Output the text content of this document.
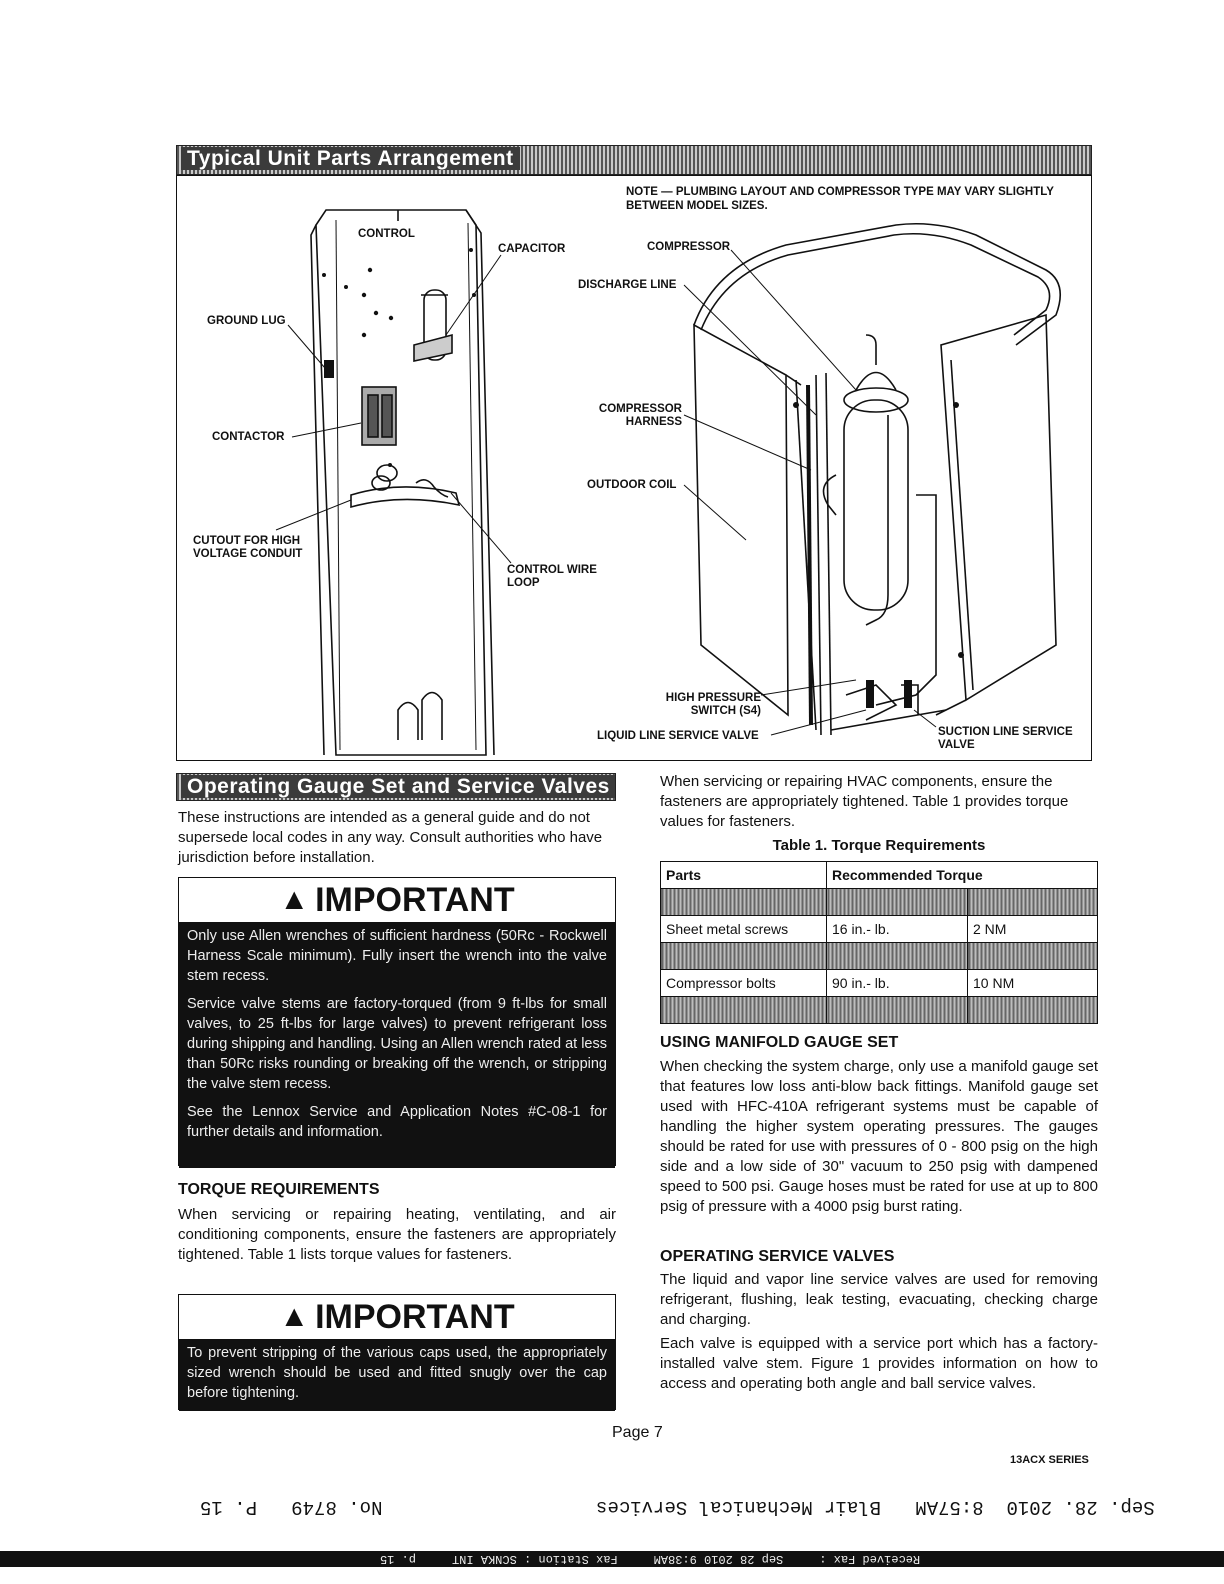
Typical Unit Parts Arrangement
NOTE — PLUMBING LAYOUT AND COMPRESSOR TYPE MAY VARY SLIGHTLY BETWEEN MODEL SIZES.
CONTROL
CAPACITOR
GROUND LUG
CONTACTOR
CUTOUT FOR HIGH VOLTAGE CONDUIT
CONTROL WIRE LOOP
COMPRESSOR
DISCHARGE LINE
COMPRESSOR HARNESS
OUTDOOR COIL
HIGH PRESSURE SWITCH (S4)
LIQUID LINE SERVICE VALVE	SUCTION LINE SERVICE VALVE
Operating Gauge Set and Service Valves
These instructions are intended as a general guide and do not supersede local codes in any way. Consult authorities who have jurisdiction before installation.
▲ IMPORTANT

Only use Allen wrenches of sufficient hardness (50Rc - Rockwell Harness Scale minimum). Fully insert the wrench into the valve stem recess.

Service valve stems are factory-torqued (from 9 ft-lbs for small valves, to 25 ft-lbs for large valves) to prevent refrigerant loss during shipping and handling. Using an Allen wrench rated at less than 50Rc risks rounding or breaking off the wrench, or stripping the valve stem recess.

See the Lennox Service and Application Notes #C-08-1 for further details and information.

TORQUE REQUIREMENTS
When servicing or repairing heating, ventilating, and air conditioning components, ensure the fasteners are appropriately tightened. Table 1 lists torque values for fasteners.
▲ IMPORTANT

To prevent stripping of the various caps used, the appropriately sized wrench should be used and fitted snugly over the cap before tightening.

When servicing or repairing HVAC components, ensure the fasteners are appropriately tightened. Table 1 provides torque values for fasteners.
Table 1. Torque Requirements
Parts	Recommended Torque	

Sheet metal screws	16 in.- lb.	2 NM

Compressor bolts	90 in.- lb.	10 NM

USING MANIFOLD GAUGE SET
When checking the system charge, only use a manifold gauge set that features low loss anti-blow back fittings. Manifold gauge set used with HFC-410A refrigerant systems must be capable of handling the higher system operating pressures. The gauges should be rated for use with pressures of 0 - 800 psig on the high side and a low side of 30" vacuum to 250 psig with dampened speed to 500 psi. Gauge hoses must be rated for use at up to 800 psig of pressure with a 4000 psig burst rating.
OPERATING SERVICE VALVES
The liquid and vapor line service valves are used for removing refrigerant, flushing, leak testing, evacuating, checking charge and charging.
Each valve is equipped with a service port which has a factory-installed valve stem. Figure 1 provides information on how to access and operating both angle and ball service valves.
Page 7
13ACX SERIES
No. 8749   P. 15	Sep. 28. 2010  8:57AM   Blair Mechanical Services
Received Fax :     Sep 28 2010 9:38AM     Fax Station : SCNKA INT     p. 15
